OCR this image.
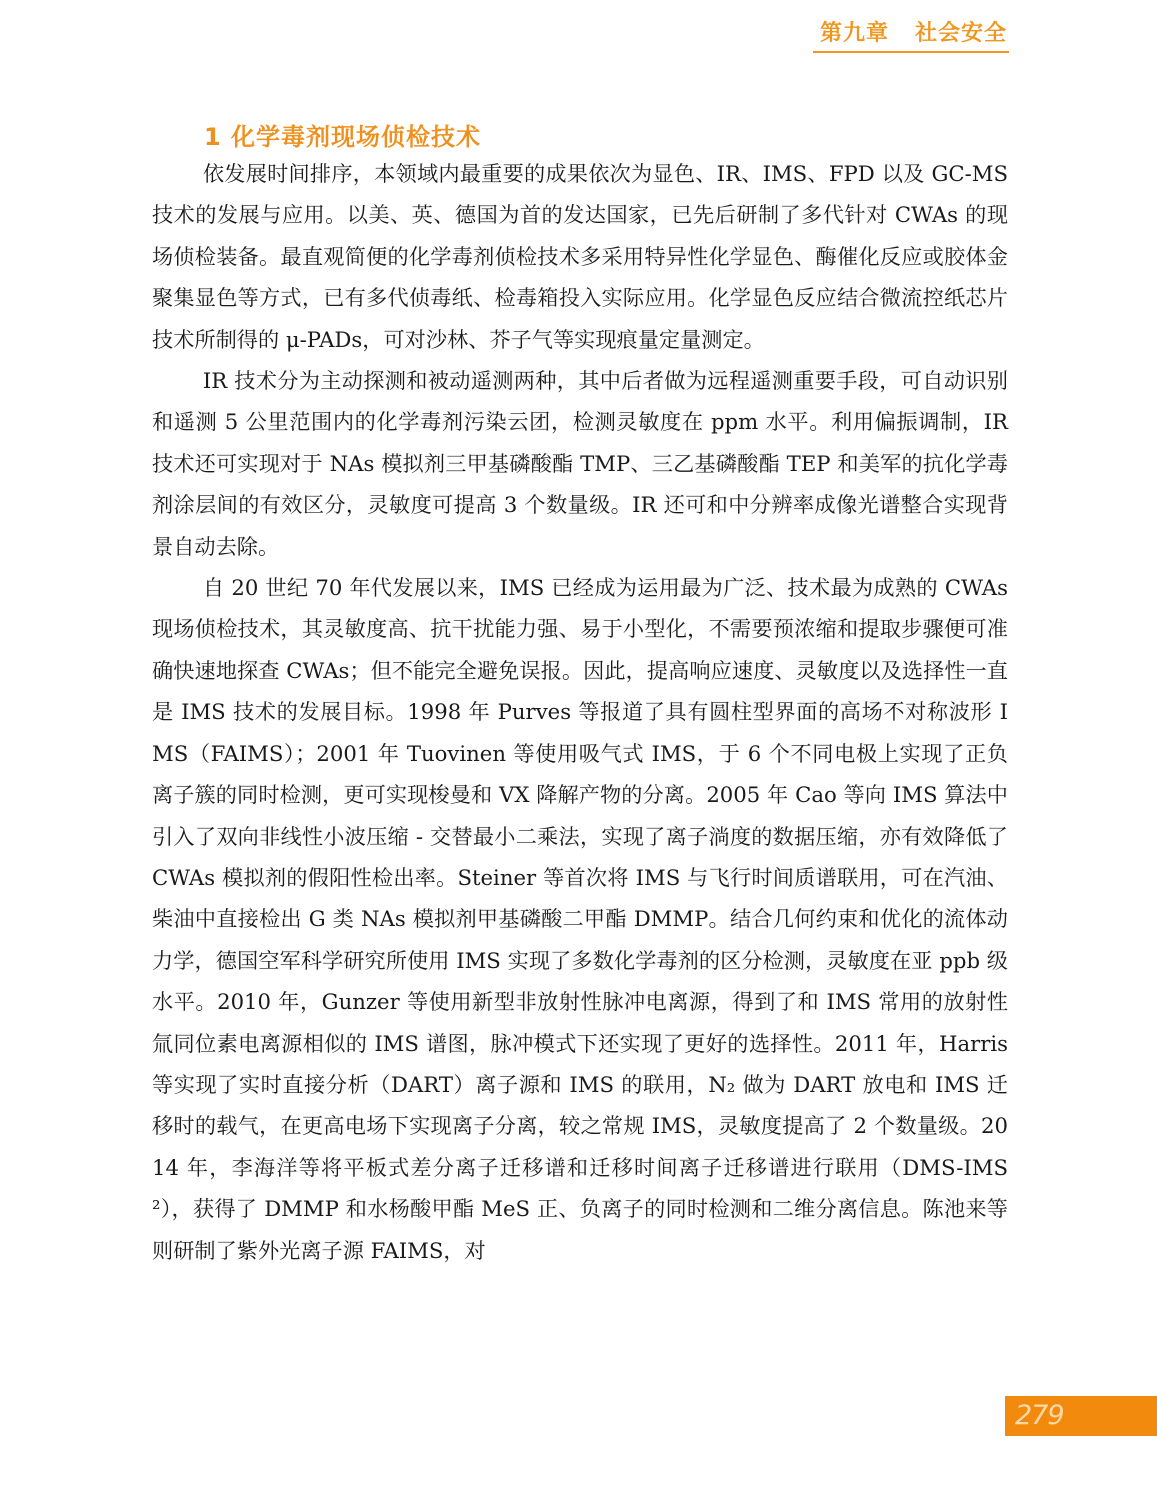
第九章 社会安全
1 化学毒剂现场侦检技术

依发展时间排序，本领域内最重要的成果依次为显色、IR、IMS、FPD 以及 GC-MS 技术的发展与应用。以美、英、德国为首的发达国家，已先后研制了多代针对 CWAs 的现场侦检装备。最直观简便的化学毒剂侦检技术多采用特异性化学显色、酶催化反应或胶体金聚集显色等方式，已有多代侦毒纸、检毒箱投入实际应用。化学显色反应结合微流控纸芯片技术所制得的 μ-PADs，可对沙林、芥子气等实现痕量定量测定。

IR 技术分为主动探测和被动遥测两种，其中后者做为远程遥测重要手段，可自动识别和遥测 5 公里范围内的化学毒剂污染云团，检测灵敏度在 ppm 水平。利用偏振调制，IR 技术还可实现对于 NAs 模拟剂三甲基磷酸酯 TMP、三乙基磷酸酯 TEP 和美军的抗化学毒剂涂层间的有效区分，灵敏度可提高 3 个数量级。IR 还可和中分辨率成像光谱整合实现背景自动去除。

自 20 世纪 70 年代发展以来，IMS 已经成为运用最为广泛、技术最为成熟的 CWAs 现场侦检技术，其灵敏度高、抗干扰能力强、易于小型化，不需要预浓缩和提取步骤便可准确快速地探查 CWAs；但不能完全避免误报。因此，提高响应速度、灵敏度以及选择性一直是 IMS 技术的发展目标。1998 年 Purves 等报道了具有圆柱型界面的高场不对称波形 IMS（FAIMS）；2001 年 Tuovinen 等使用吸气式 IMS，于 6 个不同电极上实现了正负离子簇的同时检测，更可实现梭曼和 VX 降解产物的分离。2005 年 Cao 等向 IMS 算法中引入了双向非线性小波压缩 - 交替最小二乘法，实现了离子淌度的数据压缩，亦有效降低了 CWAs 模拟剂的假阳性检出率。Steiner 等首次将 IMS 与飞行时间质谱联用，可在汽油、柴油中直接检出 G 类 NAs 模拟剂甲基磷酸二甲酯 DMMP。结合几何约束和优化的流体动力学，德国空军科学研究所使用 IMS 实现了多数化学毒剂的区分检测，灵敏度在亚 ppb 级水平。2010 年，Gunzer 等使用新型非放射性脉冲电离源，得到了和 IMS 常用的放射性氚同位素电离源相似的 IMS 谱图，脉冲模式下还实现了更好的选择性。2011 年，Harris 等实现了实时直接分析（DART）离子源和 IMS 的联用，N₂ 做为 DART 放电和 IMS 迁移时的载气，在更高电场下实现离子分离，较之常规 IMS，灵敏度提高了 2 个数量级。2014 年，李海洋等将平板式差分离子迁移谱和迁移时间离子迁移谱进行联用（DMS-IMS²），获得了 DMMP 和水杨酸甲酯 MeS 正、负离子的同时检测和二维分离信息。陈池来等则研制了紫外光离子源 FAIMS，对

279
